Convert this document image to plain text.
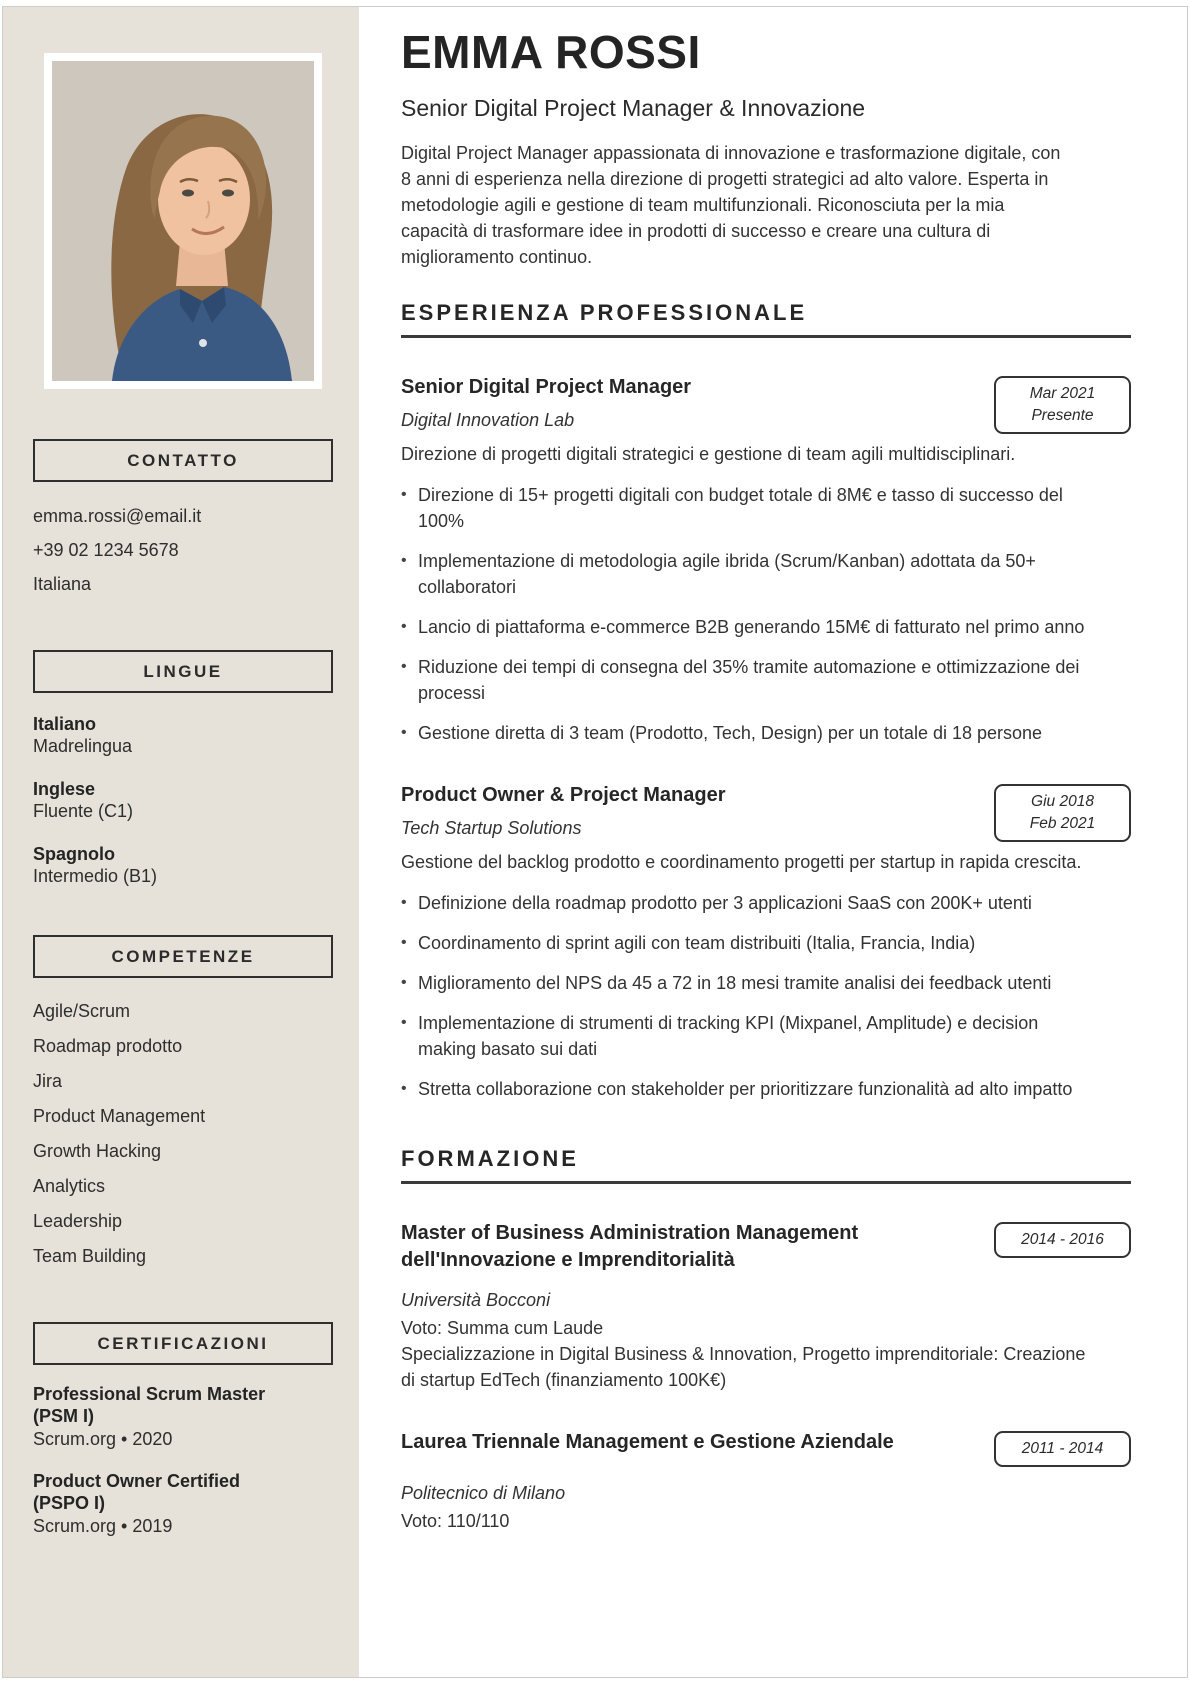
CONTATTO
emma.rossi@email.it
+39 02 1234 5678
Italiana
LINGUE
Italiano
Madrelingua
Inglese
Fluente (C1)
Spagnolo
Intermedio (B1)
COMPETENZE
Agile/Scrum
Roadmap prodotto
Jira
Product Management
Growth Hacking
Analytics
Leadership
Team Building
CERTIFICAZIONI
Professional Scrum Master (PSM I)
Scrum.org • 2020
Product Owner Certified (PSPO I)
Scrum.org • 2019
EMMA ROSSI
Senior Digital Project Manager & Innovazione

Digital Project Manager appassionata di innovazione e trasformazione digitale, con 8 anni di esperienza nella direzione di progetti strategici ad alto valore. Esperta in metodologie agili e gestione di team multifunzionali. Riconosciuta per la mia capacità di trasformare idee in prodotti di successo e creare una cultura di miglioramento continuo.

ESPERIENZA PROFESSIONALE
Senior Digital Project Manager
Digital Innovation Lab
Mar 2021
Presente
Direzione di progetti digitali strategici e gestione di team agili multidisciplinari.
• Direzione di 15+ progetti digitali con budget totale di 8M€ e tasso di successo del 100%
• Implementazione di metodologia agile ibrida (Scrum/Kanban) adottata da 50+ collaboratori
• Lancio di piattaforma e-commerce B2B generando 15M€ di fatturato nel primo anno
• Riduzione dei tempi di consegna del 35% tramite automazione e ottimizzazione dei processi
• Gestione diretta di 3 team (Prodotto, Tech, Design) per un totale di 18 persone
Product Owner & Project Manager
Tech Startup Solutions
Giu 2018
Feb 2021
Gestione del backlog prodotto e coordinamento progetti per startup in rapida crescita.
• Definizione della roadmap prodotto per 3 applicazioni SaaS con 200K+ utenti
• Coordinamento di sprint agili con team distribuiti (Italia, Francia, India)
• Miglioramento del NPS da 45 a 72 in 18 mesi tramite analisi dei feedback utenti
• Implementazione di strumenti di tracking KPI (Mixpanel, Amplitude) e decision making basato sui dati
• Stretta collaborazione con stakeholder per prioritizzare funzionalità ad alto impatto
FORMAZIONE
Master of Business Administration Management dell'Innovazione e Imprenditorialità
2014 - 2016
Università Bocconi
Voto: Summa cum Laude
Specializzazione in Digital Business & Innovation, Progetto imprenditoriale: Creazione di startup EdTech (finanziamento 100K€)
Laurea Triennale Management e Gestione Aziendale	2011 - 2014
Politecnico di Milano
Voto: 110/110
